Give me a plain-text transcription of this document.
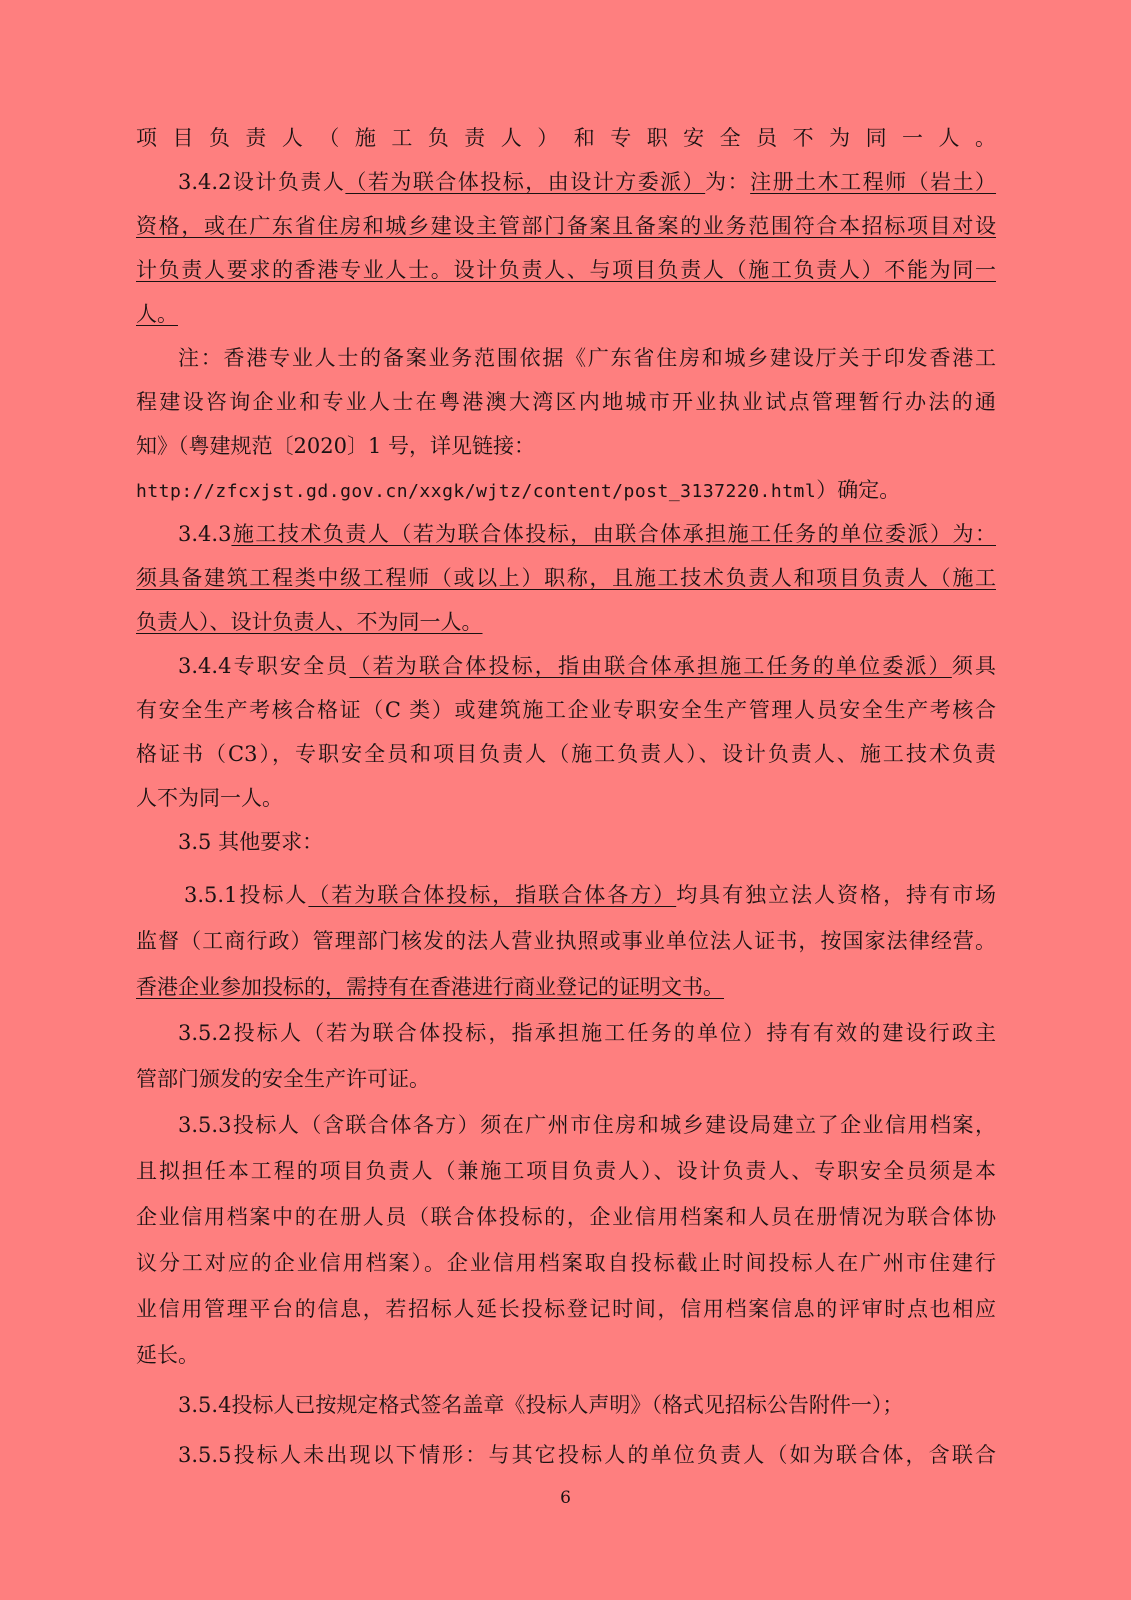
项目负责人（施工负责人）和专职安全员不为同一人。
3.4.2设计负责人（若为联合体投标，由设计方委派）为：注册土木工程师（岩土）
资格，或在广东省住房和城乡建设主管部门备案且备案的业务范围符合本招标项目对设
计负责人要求的香港专业人士。设计负责人、与项目负责人（施工负责人）不能为同一
人。
注：香港专业人士的备案业务范围依据《广东省住房和城乡建设厅关于印发香港工
程建设咨询企业和专业人士在粤港澳大湾区内地城市开业执业试点管理暂行办法的通
知》（粤建规范〔2020〕1 号，详见链接：
http://zfcxjst.gd.gov.cn/xxgk/wjtz/content/post_3137220.html）确定。
3.4.3施工技术负责人（若为联合体投标，由联合体承担施工任务的单位委派）为：
须具备建筑工程类中级工程师（或以上）职称，且施工技术负责人和项目负责人（施工
负责人）、设计负责人、不为同一人。
3.4.4专职安全员（若为联合体投标，指由联合体承担施工任务的单位委派）须具
有安全生产考核合格证（C 类）或建筑施工企业专职安全生产管理人员安全生产考核合
格证书（C3），专职安全员和项目负责人（施工负责人）、设计负责人、施工技术负责
人不为同一人。
3.5 其他要求：
3.5.1投标人（若为联合体投标，指联合体各方）均具有独立法人资格，持有市场
监督（工商行政）管理部门核发的法人营业执照或事业单位法人证书，按国家法律经营。
香港企业参加投标的，需持有在香港进行商业登记的证明文书。
3.5.2投标人（若为联合体投标，指承担施工任务的单位）持有有效的建设行政主
管部门颁发的安全生产许可证。
3.5.3投标人（含联合体各方）须在广州市住房和城乡建设局建立了企业信用档案，
且拟担任本工程的项目负责人（兼施工项目负责人）、设计负责人、专职安全员须是本
企业信用档案中的在册人员（联合体投标的，企业信用档案和人员在册情况为联合体协
议分工对应的企业信用档案）。企业信用档案取自投标截止时间投标人在广州市住建行
业信用管理平台的信息，若招标人延长投标登记时间，信用档案信息的评审时点也相应
延长。
3.5.4投标人已按规定格式签名盖章《投标人声明》（格式见招标公告附件一）；
3.5.5投标人未出现以下情形：与其它投标人的单位负责人（如为联合体，含联合
6
